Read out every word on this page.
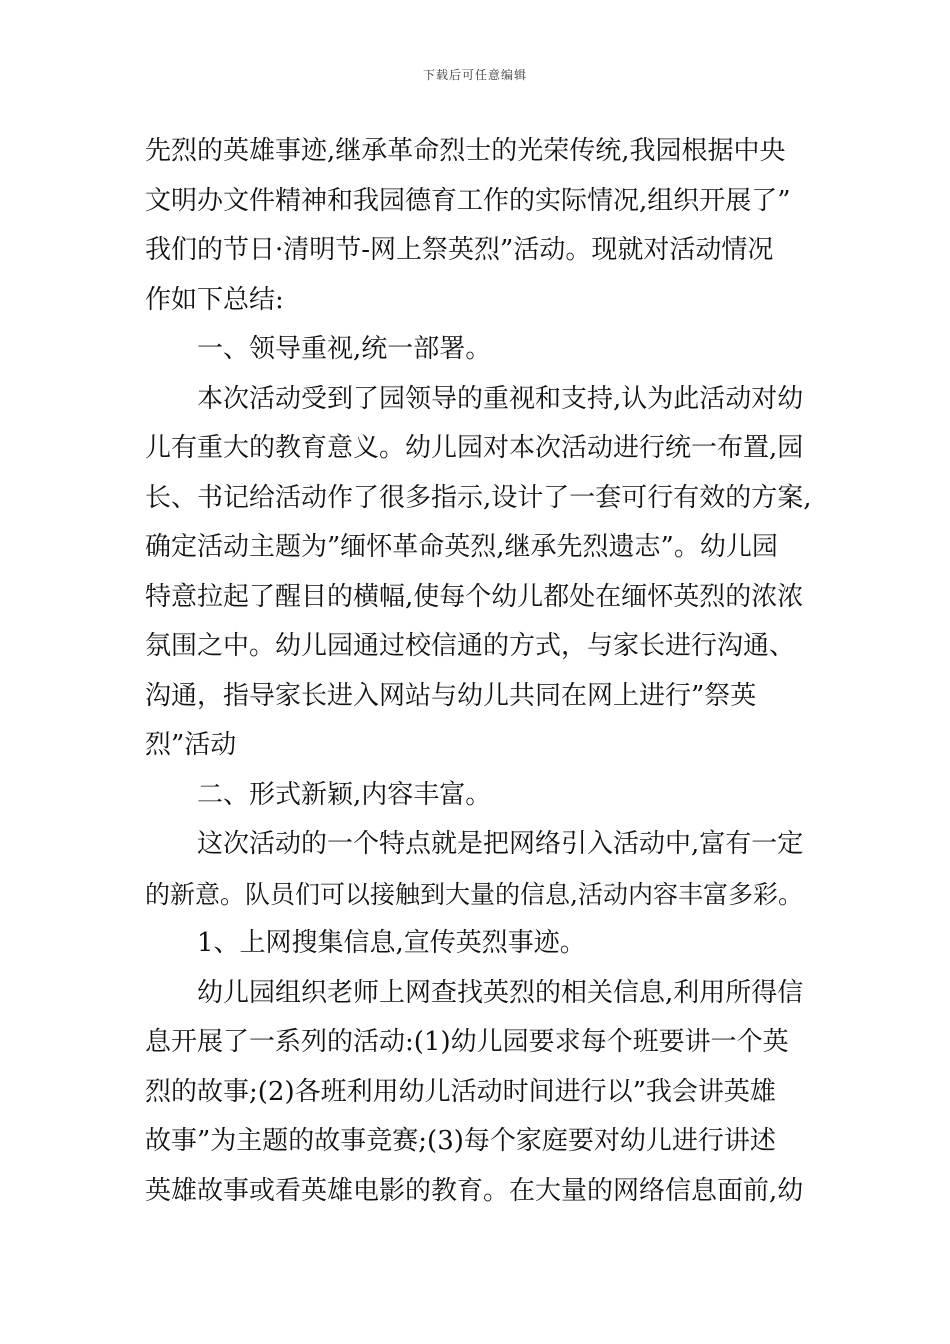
下载后可任意编辑
先烈的英雄事迹,继承革命烈士的光荣传统,我园根据中央
文明办文件精神和我园德育工作的实际情况,组织开展了”
我们的节日·清明节-网上祭英烈”活动。现就对活动情况
作如下总结:
一、领导重视,统一部署。
本次活动受到了园领导的重视和支持,认为此活动对幼
儿有重大的教育意义。幼儿园对本次活动进行统一布置,园
长、书记给活动作了很多指示,设计了一套可行有效的方案,
确定活动主题为”缅怀革命英烈,继承先烈遗志”。幼儿园
特意拉起了醒目的横幅,使每个幼儿都处在缅怀英烈的浓浓
氛围之中。幼儿园通过校信通的方式，与家长进行沟通、
沟通，指导家长进入网站与幼儿共同在网上进行”祭英
烈”活动
二、形式新颖,内容丰富。
这次活动的一个特点就是把网络引入活动中,富有一定
的新意。队员们可以接触到大量的信息,活动内容丰富多彩。
1、上网搜集信息,宣传英烈事迹。
幼儿园组织老师上网查找英烈的相关信息,利用所得信
息开展了一系列的活动:(1)幼儿园要求每个班要讲一个英
烈的故事;(2)各班利用幼儿活动时间进行以”我会讲英雄
故事”为主题的故事竞赛;(3)每个家庭要对幼儿进行讲述
英雄故事或看英雄电影的教育。在大量的网络信息面前,幼
